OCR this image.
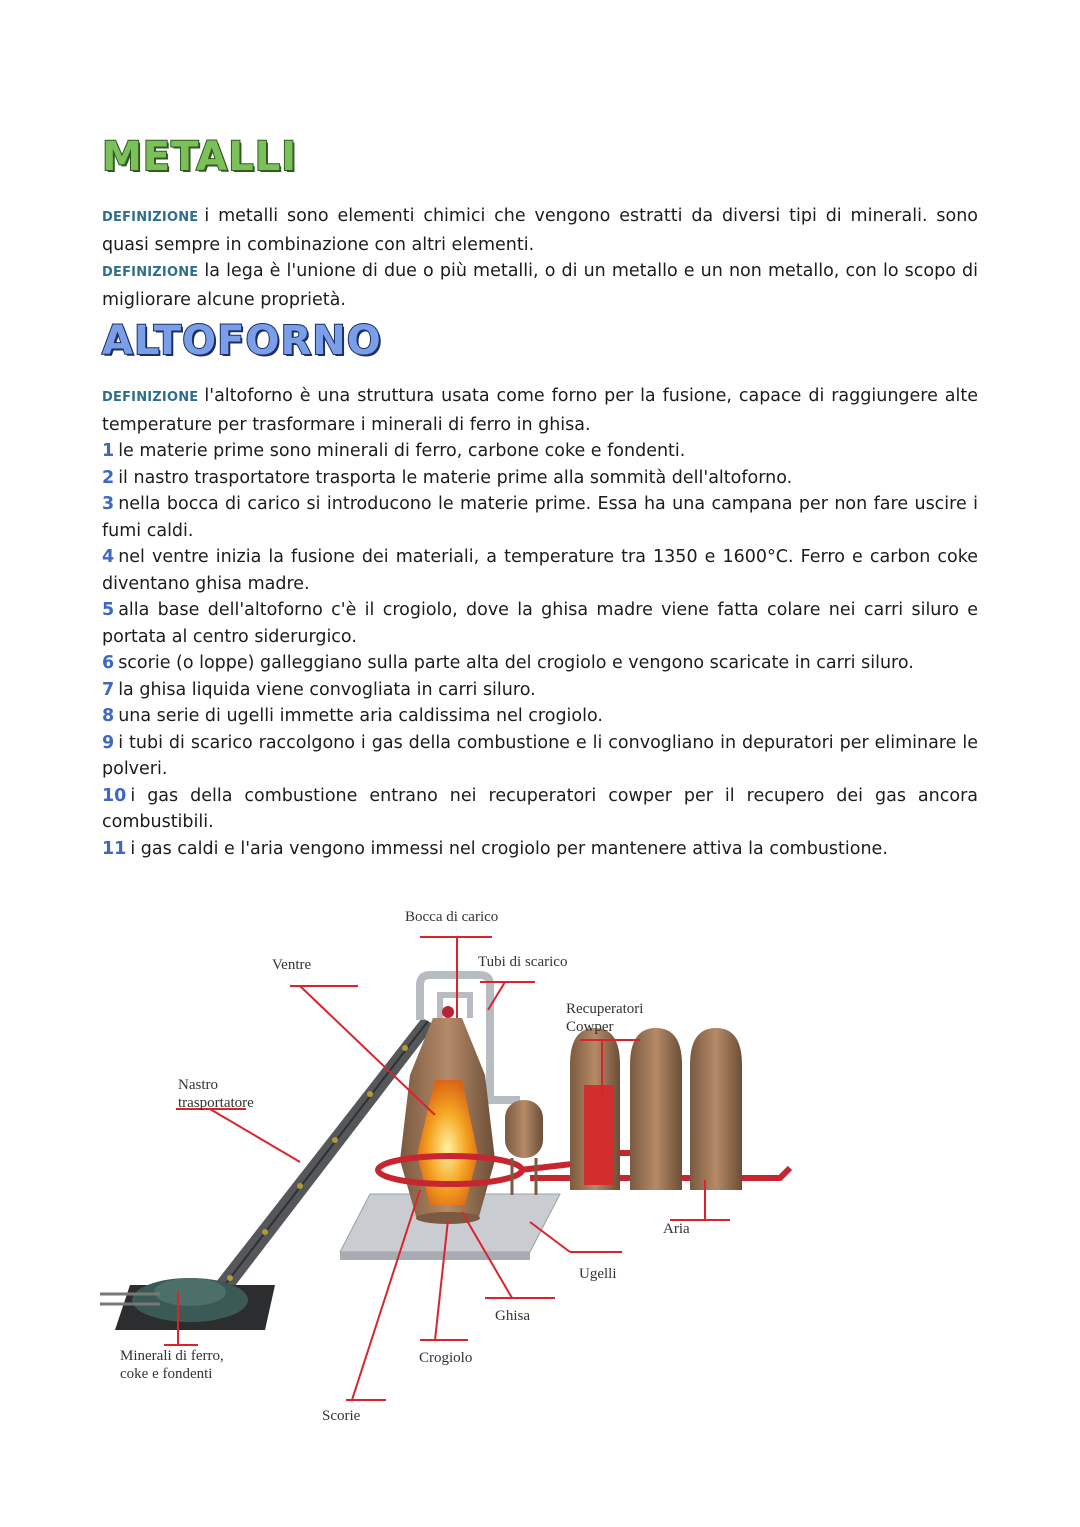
METALLI

DEFINIZIONE i metalli sono elementi chimici che vengono estratti da diversi tipi di minerali. sono quasi sempre in combinazione con altri elementi.

DEFINIZIONE la lega è l'unione di due o più metalli, o di un metallo e un non metallo, con lo scopo di migliorare alcune proprietà.

ALTOFORNO

DEFINIZIONE l'altoforno è una struttura usata come forno per la fusione, capace di raggiungere alte temperature per trasformare i minerali di ferro in ghisa.

1 le materie prime sono minerali di ferro, carbone coke e fondenti.

2 il nastro trasportatore trasporta le materie prime alla sommità dell'altoforno.

3 nella bocca di carico si introducono le materie prime. Essa ha una campana per non fare uscire i fumi caldi.

4 nel ventre inizia la fusione dei materiali, a temperature tra 1350 e 1600°C. Ferro e carbon coke diventano ghisa madre.

5 alla base dell'altoforno c'è il crogiolo, dove la ghisa madre viene fatta colare nei carri siluro e portata al centro siderurgico.

6 scorie (o loppe) galleggiano sulla parte alta del crogiolo e vengono scaricate in carri siluro.

7 la ghisa liquida viene convogliata in carri siluro.

8 una serie di ugelli immette aria caldissima nel crogiolo.

9 i tubi di scarico raccolgono i gas della combustione e li convogliano in depuratori per eliminare le polveri.

10 i gas della combustione entrano nei recuperatori cowper per il recupero dei gas ancora combustibili.

11 i gas caldi e l'aria vengono immessi nel crogiolo per mantenere attiva la combustione.

Bocca di carico
Ventre	Tubi di scarico
Recuperatori
Cowper
Nastro
trasportatore
Aria
Ugelli
Ghisa
Crogiolo
Minerali di ferro,
coke e fondenti
Scorie
